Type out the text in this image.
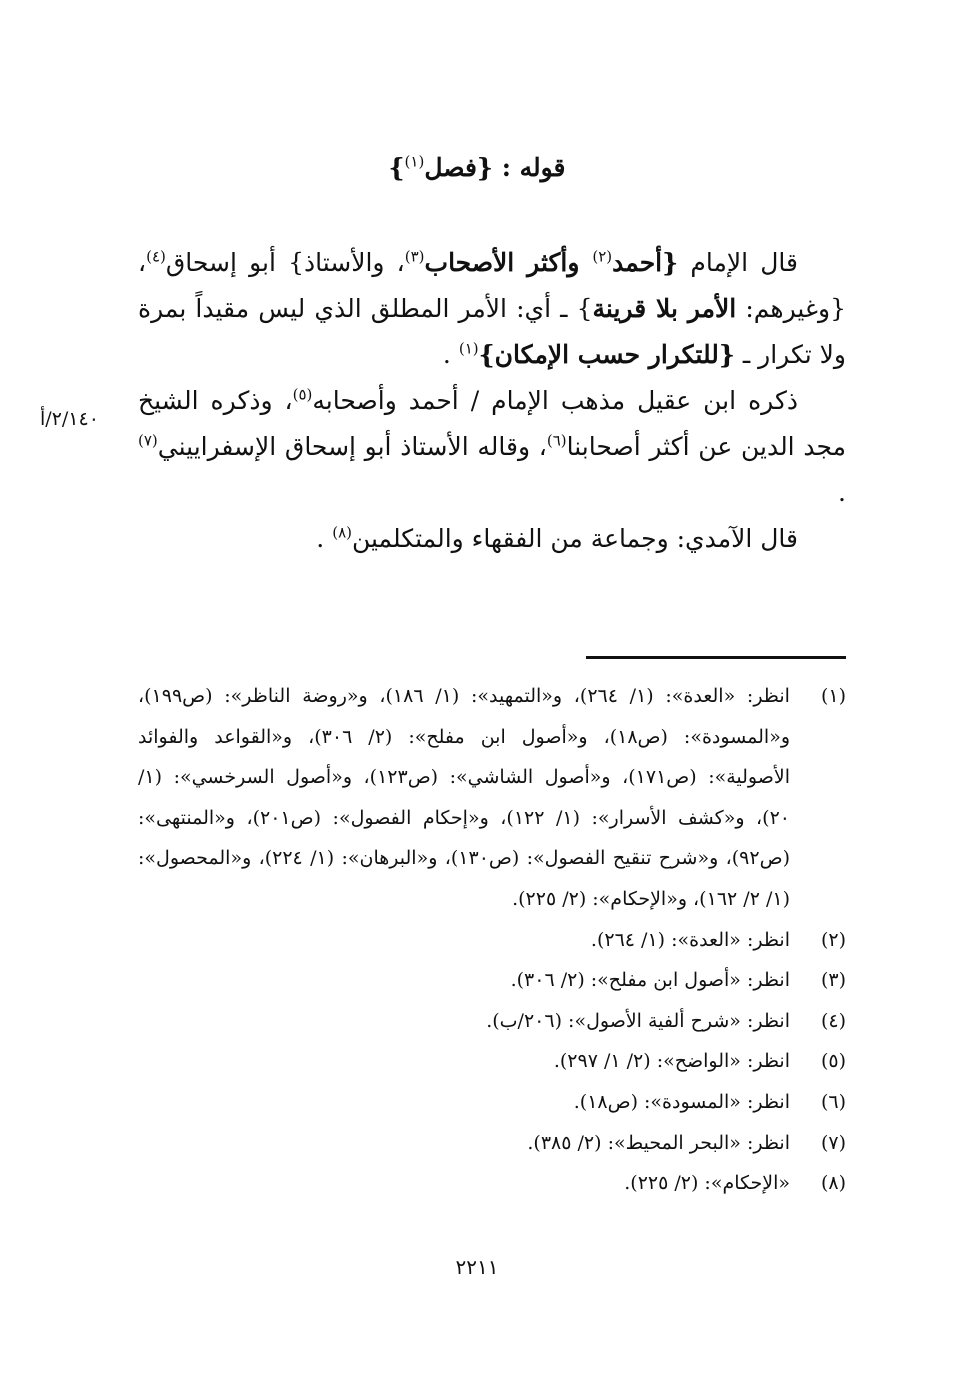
قوله : {فصل$^{(١)}$}

قال الإمام {أحمد$^{(٢)}$ وأكثر الأصحاب$^{(٣)}$، والأستاذ} أبو إسحاق$^{(٤)}$، {وغيرهم: الأمر بلا قرينة} ـ أي: الأمر المطلق الذي ليس مقيداً بمرة ولا تكرار ـ {للتكرار حسب الإمكان}$^{(١)}$ .

ذكره ابن عقيل مذهب الإمام / أحمد وأصحابه$^{(٥)}$، وذكره الشيخ مجد الدين عن أكثر أصحابنا$^{(٦)}$، وقاله الأستاذ أبو إسحاق الإسفراييني$^{(٧)}$ .

قال الآمدي: وجماعة من الفقهاء والمتكلمين$^{(٨)}$ .

٢/١٤٠/أ
(١)
انظر: «العدة»: (١/ ٢٦٤)، و«التمهيد»: (١/ ١٨٦)، و«روضة الناظر»: (ص١٩٩)، و«المسودة»: (ص١٨)، و«أصول ابن مفلح»: (٢/ ٣٠٦)، و«القواعد والفوائد الأصولية»: (ص١٧١)، و«أصول الشاشي»: (ص١٢٣)، و«أصول السرخسي»: (١/ ٢٠)، و«كشف الأسرار»: (١/ ١٢٢)، و«إحكام الفصول»: (ص٢٠١)، و«المنتهى»: (ص٩٢)، و«شرح تنقيح الفصول»: (ص١٣٠)، و«البرهان»: (١/ ٢٢٤)، و«المحصول»: (١/ ٢/ ١٦٢)، و«الإحكام»: (٢/ ٢٢٥).
(٢)
انظر: «العدة»: (١/ ٢٦٤).
(٣)
انظر: «أصول ابن مفلح»: (٢/ ٣٠٦).
(٤)
انظر: «شرح ألفية الأصول»: (٢٠٦/ب).
(٥)
انظر: «الواضح»: (٢/ ١/ ٢٩٧).
(٦)
انظر: «المسودة»: (ص١٨).
(٧)
انظر: «البحر المحيط»: (٢/ ٣٨٥).
(٨)
«الإحكام»: (٢/ ٢٢٥).
٢٢١١
